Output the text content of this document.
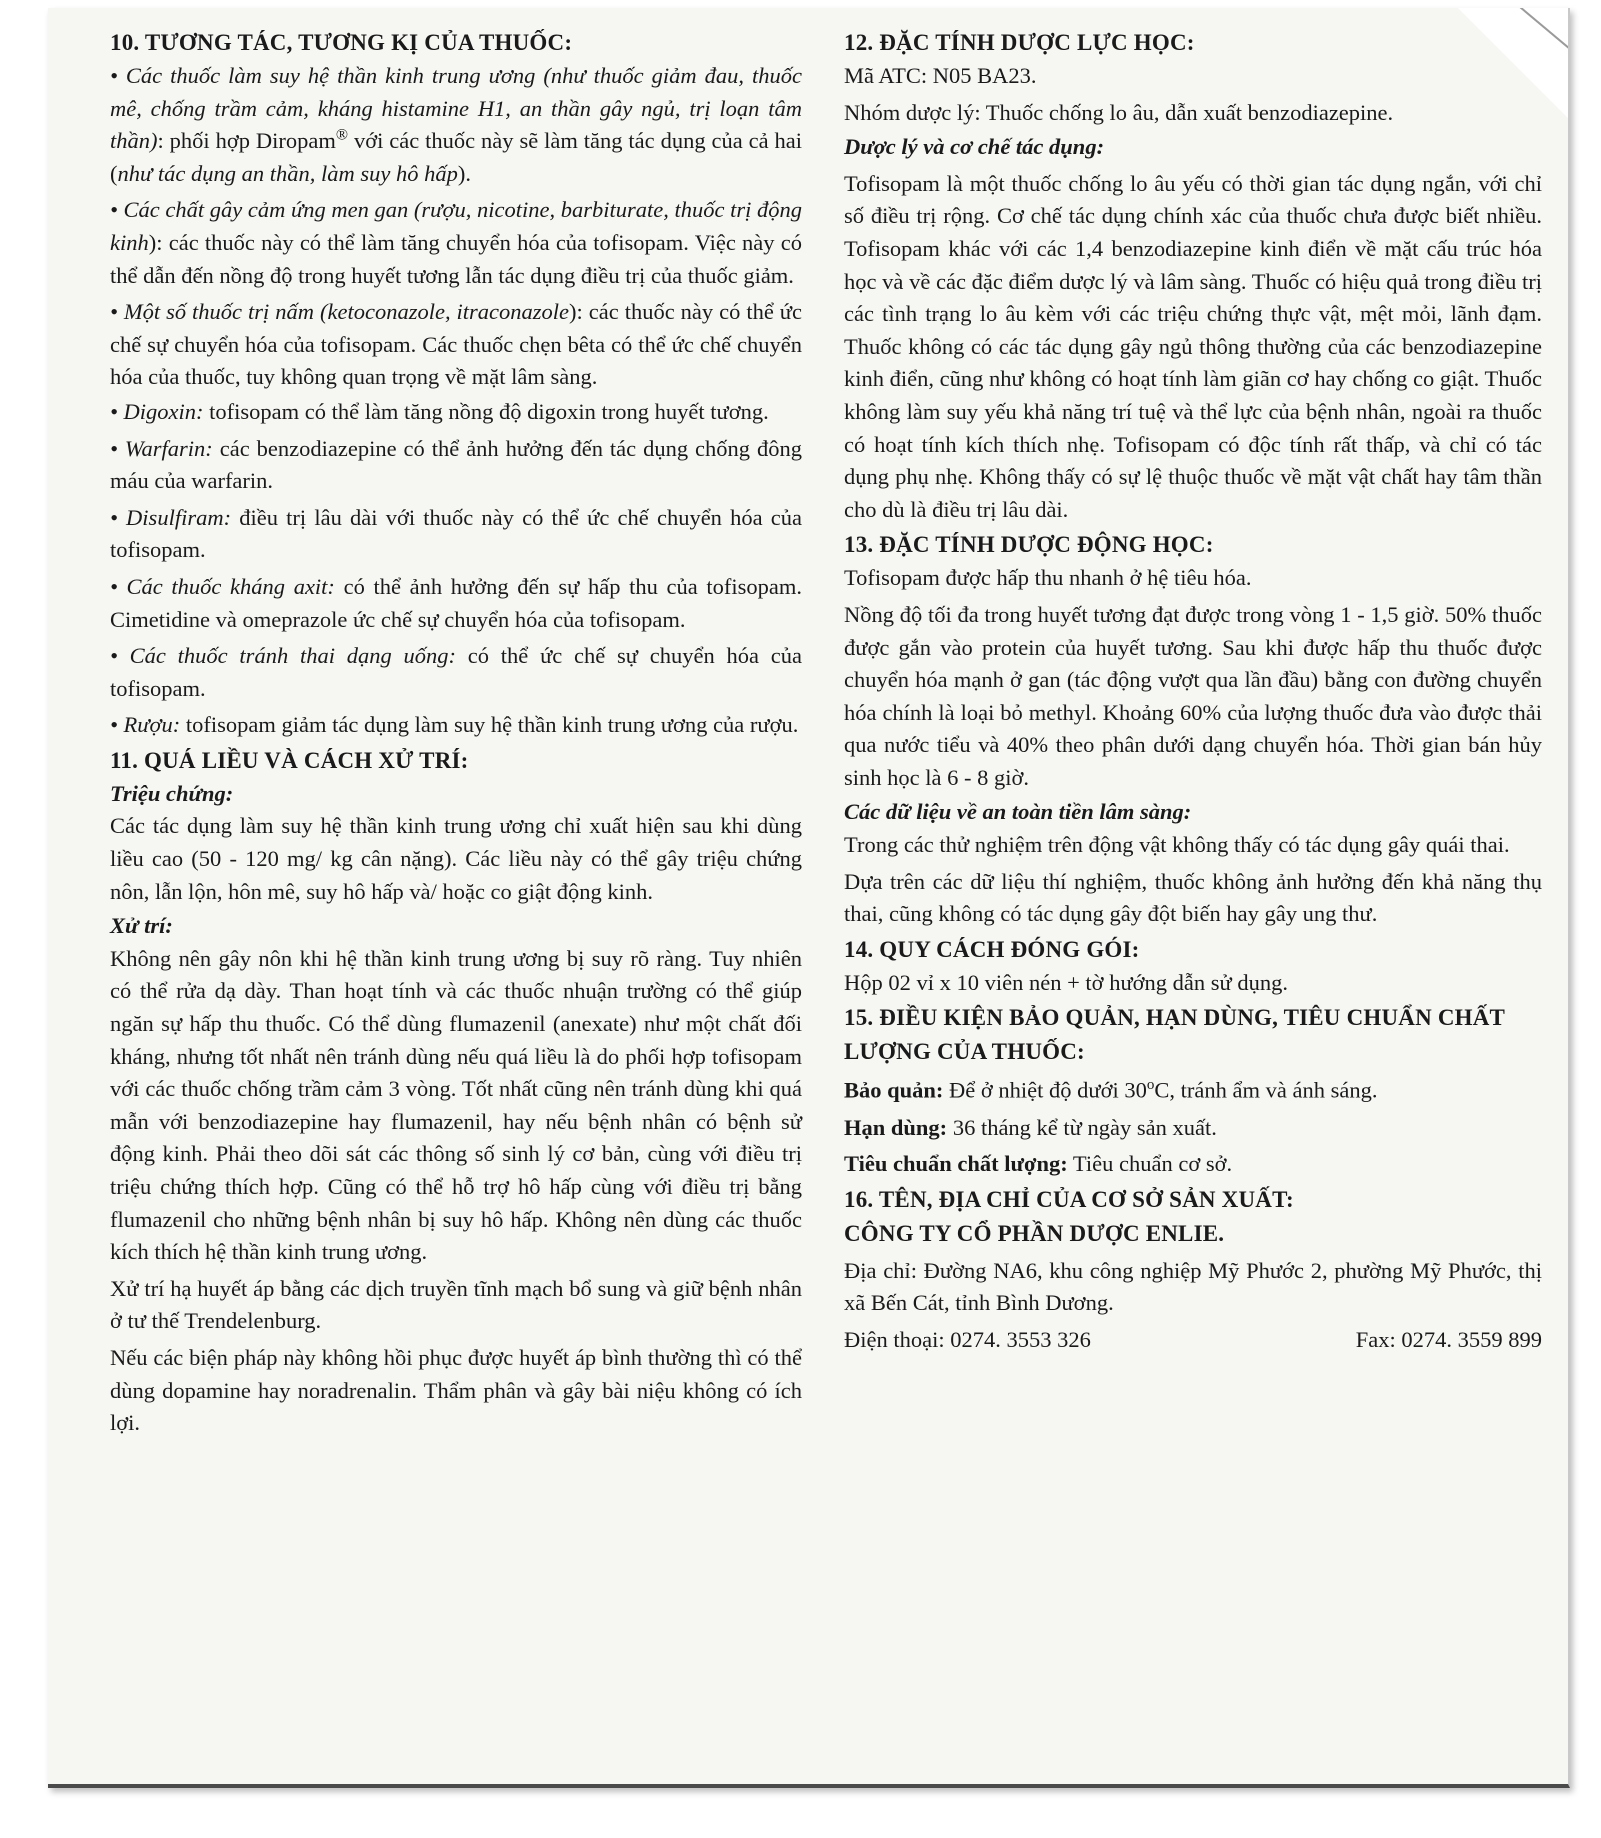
10. TƯƠNG TÁC, TƯƠNG KỊ CỦA THUỐC:

• Các thuốc làm suy hệ thần kinh trung ương (như thuốc giảm đau, thuốc mê, chống trầm cảm, kháng histamine H1, an thần gây ngủ, trị loạn tâm thần): phối hợp Diropam® với các thuốc này sẽ làm tăng tác dụng của cả hai (như tác dụng an thần, làm suy hô hấp).

• Các chất gây cảm ứng men gan (rượu, nicotine, barbiturate, thuốc trị động kinh): các thuốc này có thể làm tăng chuyển hóa của tofisopam. Việc này có thể dẫn đến nồng độ trong huyết tương lẫn tác dụng điều trị của thuốc giảm.

• Một số thuốc trị nấm (ketoconazole, itraconazole): các thuốc này có thể ức chế sự chuyển hóa của tofisopam. Các thuốc chẹn bêta có thể ức chế chuyển hóa của thuốc, tuy không quan trọng về mặt lâm sàng.

• Digoxin: tofisopam có thể làm tăng nồng độ digoxin trong huyết tương.

• Warfarin: các benzodiazepine có thể ảnh hưởng đến tác dụng chống đông máu của warfarin.

• Disulfiram: điều trị lâu dài với thuốc này có thể ức chế chuyển hóa của tofisopam.

• Các thuốc kháng axit: có thể ảnh hưởng đến sự hấp thu của tofisopam. Cimetidine và omeprazole ức chế sự chuyển hóa của tofisopam.

• Các thuốc tránh thai dạng uống: có thể ức chế sự chuyển hóa của tofisopam.

• Rượu: tofisopam giảm tác dụng làm suy hệ thần kinh trung ương của rượu.

11. QUÁ LIỀU VÀ CÁCH XỬ TRÍ:
Triệu chứng:

Các tác dụng làm suy hệ thần kinh trung ương chỉ xuất hiện sau khi dùng liều cao (50 - 120 mg/ kg cân nặng). Các liều này có thể gây triệu chứng nôn, lẫn lộn, hôn mê, suy hô hấp và/ hoặc co giật động kinh.

Xử trí:

Không nên gây nôn khi hệ thần kinh trung ương bị suy rõ ràng. Tuy nhiên có thể rửa dạ dày. Than hoạt tính và các thuốc nhuận trường có thể giúp ngăn sự hấp thu thuốc. Có thể dùng flumazenil (anexate) như một chất đối kháng, nhưng tốt nhất nên tránh dùng nếu quá liều là do phối hợp tofisopam với các thuốc chống trầm cảm 3 vòng. Tốt nhất cũng nên tránh dùng khi quá mẫn với benzodiazepine hay flumazenil, hay nếu bệnh nhân có bệnh sử động kinh. Phải theo dõi sát các thông số sinh lý cơ bản, cùng với điều trị triệu chứng thích hợp. Cũng có thể hỗ trợ hô hấp cùng với điều trị bằng flumazenil cho những bệnh nhân bị suy hô hấp. Không nên dùng các thuốc kích thích hệ thần kinh trung ương.

Xử trí hạ huyết áp bằng các dịch truyền tĩnh mạch bổ sung và giữ bệnh nhân ở tư thế Trendelenburg.

Nếu các biện pháp này không hồi phục được huyết áp bình thường thì có thể dùng dopamine hay noradrenalin. Thẩm phân và gây bài niệu không có ích lợi.

12. ĐẶC TÍNH DƯỢC LỰC HỌC:

Mã ATC: N05 BA23.

Nhóm dược lý: Thuốc chống lo âu, dẫn xuất benzodiazepine.

Dược lý và cơ chế tác dụng:

Tofisopam là một thuốc chống lo âu yếu có thời gian tác dụng ngắn, với chỉ số điều trị rộng. Cơ chế tác dụng chính xác của thuốc chưa được biết nhiều. Tofisopam khác với các 1,4 benzodiazepine kinh điển về mặt cấu trúc hóa học và về các đặc điểm dược lý và lâm sàng. Thuốc có hiệu quả trong điều trị các tình trạng lo âu kèm với các triệu chứng thực vật, mệt mỏi, lãnh đạm. Thuốc không có các tác dụng gây ngủ thông thường của các benzodiazepine kinh điển, cũng như không có hoạt tính làm giãn cơ hay chống co giật. Thuốc không làm suy yếu khả năng trí tuệ và thể lực của bệnh nhân, ngoài ra thuốc có hoạt tính kích thích nhẹ. Tofisopam có độc tính rất thấp, và chỉ có tác dụng phụ nhẹ. Không thấy có sự lệ thuộc thuốc về mặt vật chất hay tâm thần cho dù là điều trị lâu dài.

13. ĐẶC TÍNH DƯỢC ĐỘNG HỌC:

Tofisopam được hấp thu nhanh ở hệ tiêu hóa.

Nồng độ tối đa trong huyết tương đạt được trong vòng 1 - 1,5 giờ. 50% thuốc được gắn vào protein của huyết tương. Sau khi được hấp thu thuốc được chuyển hóa mạnh ở gan (tác động vượt qua lần đầu) bằng con đường chuyển hóa chính là loại bỏ methyl. Khoảng 60% của lượng thuốc đưa vào được thải qua nước tiểu và 40% theo phân dưới dạng chuyển hóa. Thời gian bán hủy sinh học là 6 - 8 giờ.

Các dữ liệu về an toàn tiền lâm sàng:

Trong các thử nghiệm trên động vật không thấy có tác dụng gây quái thai.

Dựa trên các dữ liệu thí nghiệm, thuốc không ảnh hưởng đến khả năng thụ thai, cũng không có tác dụng gây đột biến hay gây ung thư.

14. QUY CÁCH ĐÓNG GÓI:

Hộp 02 vỉ x 10 viên nén + tờ hướng dẫn sử dụng.

15. ĐIỀU KIỆN BẢO QUẢN, HẠN DÙNG, TIÊU CHUẨN CHẤT LƯỢNG CỦA THUỐC:

Bảo quản: Để ở nhiệt độ dưới 30$^o$C, tránh ẩm và ánh sáng.

Hạn dùng: 36 tháng kể từ ngày sản xuất.

Tiêu chuẩn chất lượng: Tiêu chuẩn cơ sở.

16. TÊN, ĐỊA CHỈ CỦA CƠ SỞ SẢN XUẤT:
CÔNG TY CỔ PHẦN DƯỢC ENLIE.

Địa chỉ: Đường NA6, khu công nghiệp Mỹ Phước 2, phường Mỹ Phước, thị xã Bến Cát, tỉnh Bình Dương.

Điện thoại: 0274. 3553 326	Fax: 0274. 3559 899
